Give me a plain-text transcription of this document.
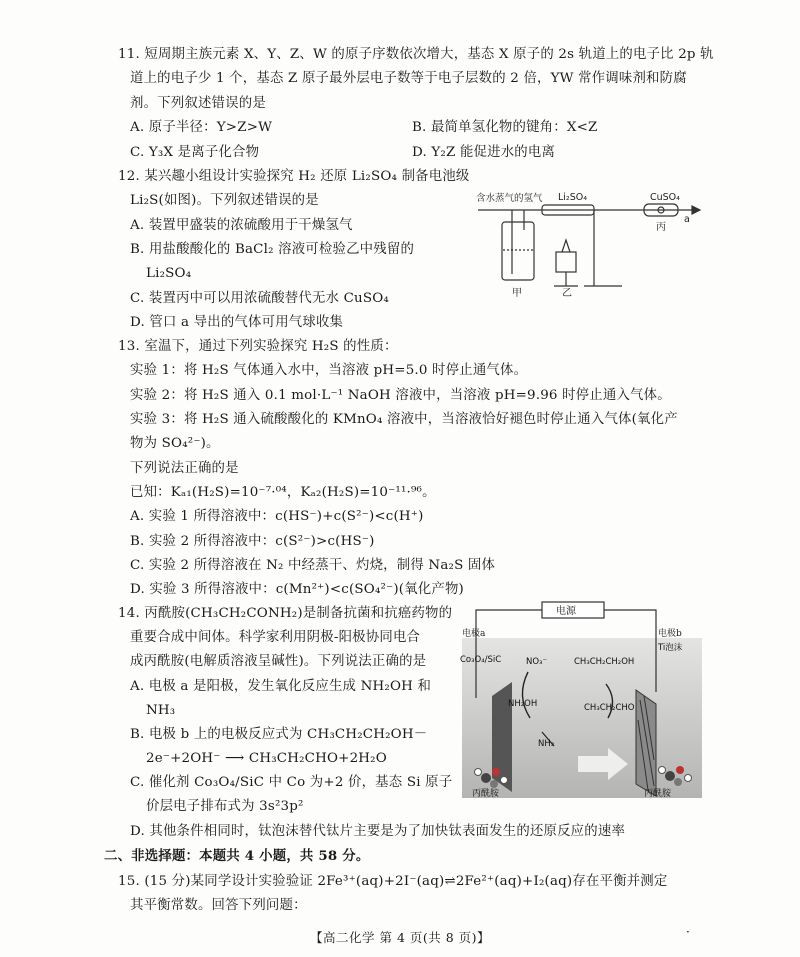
11. 短周期主族元素 X、Y、Z、W 的原子序数依次增大，基态 X 原子的 2s 轨道上的电子比 2p 轨
道上的电子少 1 个，基态 Z 原子最外层电子数等于电子层数的 2 倍，YW 常作调味剂和防腐
剂。下列叙述错误的是
A. 原子半径：Y>Z>W	B. 最简单氢化物的键角：X<Z
C. Y₃X 是离子化合物	D. Y₂Z 能促进水的电离
12. 某兴趣小组设计实验探究 H₂ 还原 Li₂SO₄ 制备电池级
Li₂S(如图)。下列叙述错误的是
A. 装置甲盛装的浓硫酸用于干燥氢气
B. 用盐酸酸化的 BaCl₂ 溶液可检验乙中残留的
Li₂SO₄
C. 装置丙中可以用浓硫酸替代无水 CuSO₄
D. 管口 a 导出的气体可用气球收集
含水蒸气的氢气 Li₂SO₄	CuSO₄
a
甲	乙
丙
13. 室温下，通过下列实验探究 H₂S 的性质：
实验 1：将 H₂S 气体通入水中，当溶液 pH=5.0 时停止通气体。
实验 2：将 H₂S 通入 0.1 mol·L⁻¹ NaOH 溶液中，当溶液 pH=9.96 时停止通入气体。
实验 3：将 H₂S 通入硫酸酸化的 KMnO₄ 溶液中，当溶液恰好褪色时停止通入气体(氧化产
物为 SO₄²⁻)。
下列说法正确的是
已知：Kₐ₁(H₂S)=10⁻⁷·⁰⁴，Kₐ₂(H₂S)=10⁻¹¹·⁹⁶。
A. 实验 1 所得溶液中：c(HS⁻)+c(S²⁻)<c(H⁺)
B. 实验 2 所得溶液中：c(S²⁻)>c(HS⁻)
C. 实验 2 所得溶液在 N₂ 中经蒸干、灼烧，制得 Na₂S 固体
D. 实验 3 所得溶液中：c(Mn²⁺)<c(SO₄²⁻)(氧化产物)
14. 丙酰胺(CH₃CH₂CONH₂)是制备抗菌和抗癌药物的
重要合成中间体。科学家利用阴极-阳极协同电合
成丙酰胺(电解质溶液呈碱性)。下列说法正确的是
A. 电极 a 是阳极，发生氧化反应生成 NH₂OH 和
NH₃
B. 电极 b 上的电极反应式为 CH₃CH₂CH₂OH－
2e⁻+2OH⁻ ⟶ CH₃CH₂CHO+2H₂O
C. 催化剂 Co₃O₄/SiC 中 Co 为+2 价，基态 Si 原子
价层电子排布式为 3s²3p²
D. 其他条件相同时，钛泡沫替代钛片主要是为了加快钛表面发生的还原反应的速率
电源
电极a	电极b
Co₃O₄/SiC
Ti泡沫
NO₃⁻	CH₃CH₂CH₂OH
NH₂OH	CH₃CH₂CHO
NH₃
丙酰胺	丙酰胺
二、非选择题：本题共 4 小题，共 58 分。
15. (15 分)某同学设计实验验证 2Fe³⁺(aq)+2I⁻(aq)⇌2Fe²⁺(aq)+I₂(aq)存在平衡并测定
其平衡常数。回答下列问题：
【高二化学 第 4 页(共 8 页)】	·
